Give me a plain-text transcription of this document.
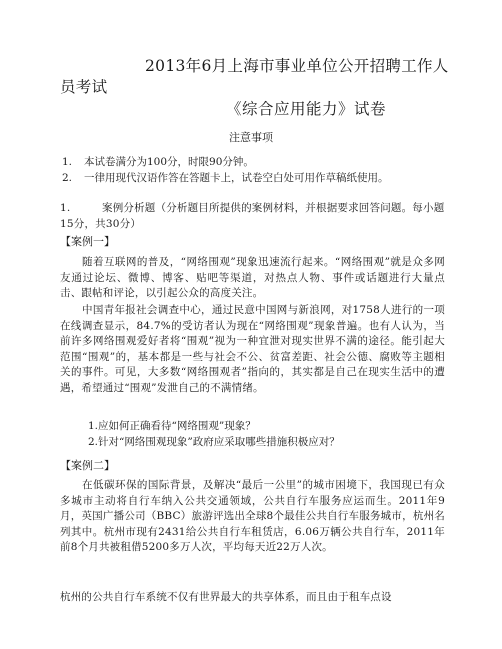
2013年6月上海市事业单位公开招聘工作人员考试
《综合应用能力》试卷
注意事项
1.	本试卷满分为100分，时限90分钟。
2.	一律用现代汉语作答在答题卡上，试卷空白处可用作草稿纸使用。
1.	案例分析题（分析题目所提供的案例材料，并根据要求回答问题。每小题15分，共30分）
【案例一】
随着互联网的普及，“网络围观”现象迅速流行起来。“网络围观”就是众多网友通过论坛、微博、博客、贴吧等渠道，对热点人物、事件或话题进行大量点击、跟帖和评论，以引起公众的高度关注。
中国青年报社会调查中心，通过民意中国网与新浪网，对1758人进行的一项在线调查显示，84.7%的受访者认为现在“网络围观”现象普遍。也有人认为，当前许多网络围观爱好者将“围观”视为一种宜泄对现实世界不满的途径。能引起大范围“围观”的，基本都是一些与社会不公、贫富差距、社会公德、腐败等主题相关的事件。可见，大多数“网络围观者”指向的，其实都是自己在现实生活中的遭遇，希望通过“围观”发泄自己的不满情绪。
1.应如何正确看待“网络围观”现象？
2.针对“网络围观现象”政府应采取哪些措施积极应对？
【案例二】
在低碳环保的国际背景，及解决“最后一公里”的城市困境下，我国现已有众多城市主动将自行车纳入公共交通领域，公共自行车服务应运而生。2011年9月，英国广播公司（BBC）旅游评选出全球8个最佳公共自行车服务城市，杭州名列其中。杭州市现有2431给公共自行车租赁店，6.06万辆公共自行车，2011年前8个月共被租借5200多万人次，平均每天近22万人次。
杭州的公共自行车系统不仅有世界最大的共享体系，而且由于租车点设
